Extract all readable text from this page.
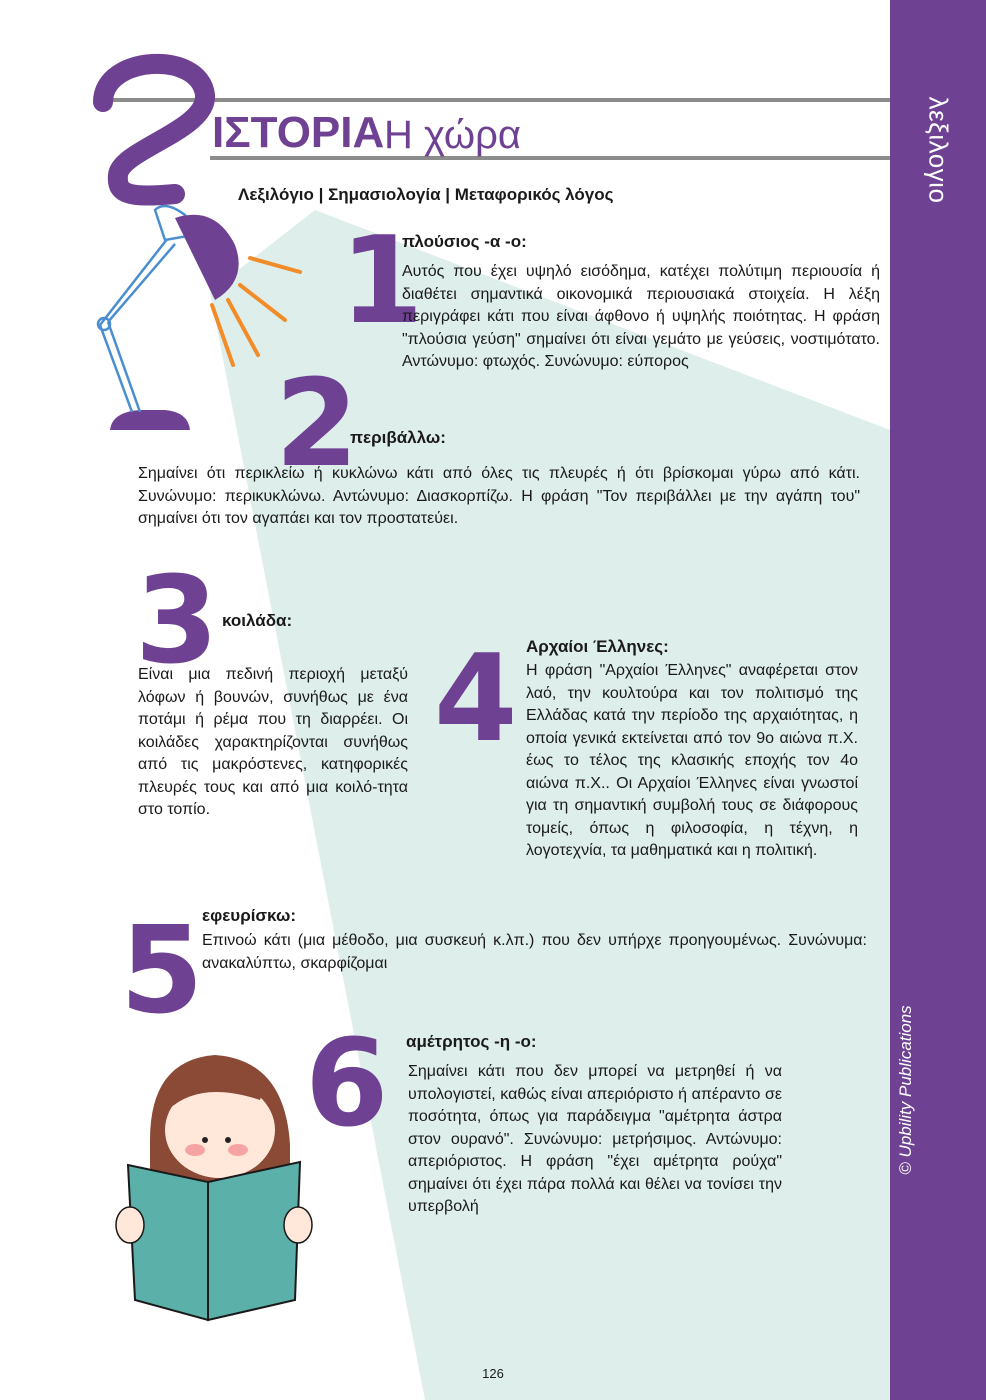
λεξιλογιο
© Upbility Publications
ΙΣΤΟΡΙΑ Η χώρα
Λεξιλόγιο | Σημασιολογία | Μεταφορικός λόγος
1
πλούσιος -α -ο:

Αυτός που έχει υψηλό εισόδημα, κατέχει πολύτιμη περιουσία ή διαθέτει σημαντικά οικονομικά περιουσιακά στοιχεία. Η λέξη περιγράφει κάτι που είναι άφθονο ή υψηλής ποιότητας. Η φράση "πλούσια γεύση" σημαίνει ότι είναι γεμάτο με γεύσεις, νοστιμότατο. Αντώνυμο: φτωχός. Συνώνυμο: εύπορος

2
περιβάλλω:

Σημαίνει ότι περικλείω ή κυκλώνω κάτι από όλες τις πλευρές ή ότι βρίσκομαι γύρω από κάτι. Συνώνυμο: περικυκλώνω. Αντώνυμο: Διασκορπίζω. Η φράση "Τον περιβάλλει με την αγάπη του" σημαίνει ότι τον αγαπάει και τον προστατεύει.

3 κοιλάδα:

Είναι μια πεδινή περιοχή μεταξύ λόφων ή βουνών, συνήθως με ένα ποτάμι ή ρέμα που τη διαρρέει. Οι κοιλάδες χαρακτηρίζονται συνήθως από τις μακρόστενες, κατηφορικές πλευρές τους και από μια κοιλό-τητα στο τοπίο.

4 Αρχαίοι Έλληνες:

Η φράση "Αρχαίοι Έλληνες" αναφέρεται στον λαό, την κουλτούρα και τον πολιτισμό της Ελλάδας κατά την περίοδο της αρχαιότητας, η οποία γενικά εκτείνεται από τον 9ο αιώνα π.Χ. έως το τέλος της κλασικής εποχής τον 4ο αιώνα π.Χ.. Οι Αρχαίοι Έλληνες είναι γνωστοί για τη σημαντική συμβολή τους σε διάφορους τομείς, όπως η φιλοσοφία, η τέχνη, η λογοτεχνία, τα μαθηματικά και η πολιτική.

5
εφευρίσκω:

Επινοώ κάτι (μια μέθοδο, μια συσκευή κ.λπ.) που δεν υπήρχε προηγουμένως. Συνώνυμα: ανακαλύπτω, σκαρφίζομαι

6 αμέτρητος -η -ο:

Σημαίνει κάτι που δεν μπορεί να μετρηθεί ή να υπολογιστεί, καθώς είναι απεριόριστο ή απέραντο σε ποσότητα, όπως για παράδειγμα "αμέτρητα άστρα στον ουρανό". Συνώνυμο: μετρήσιμος. Αντώνυμο: απεριόριστος. Η φράση "έχει αμέτρητα ρούχα" σημαίνει ότι έχει πάρα πολλά και θέλει να τονίσει την υπερβολή

126
